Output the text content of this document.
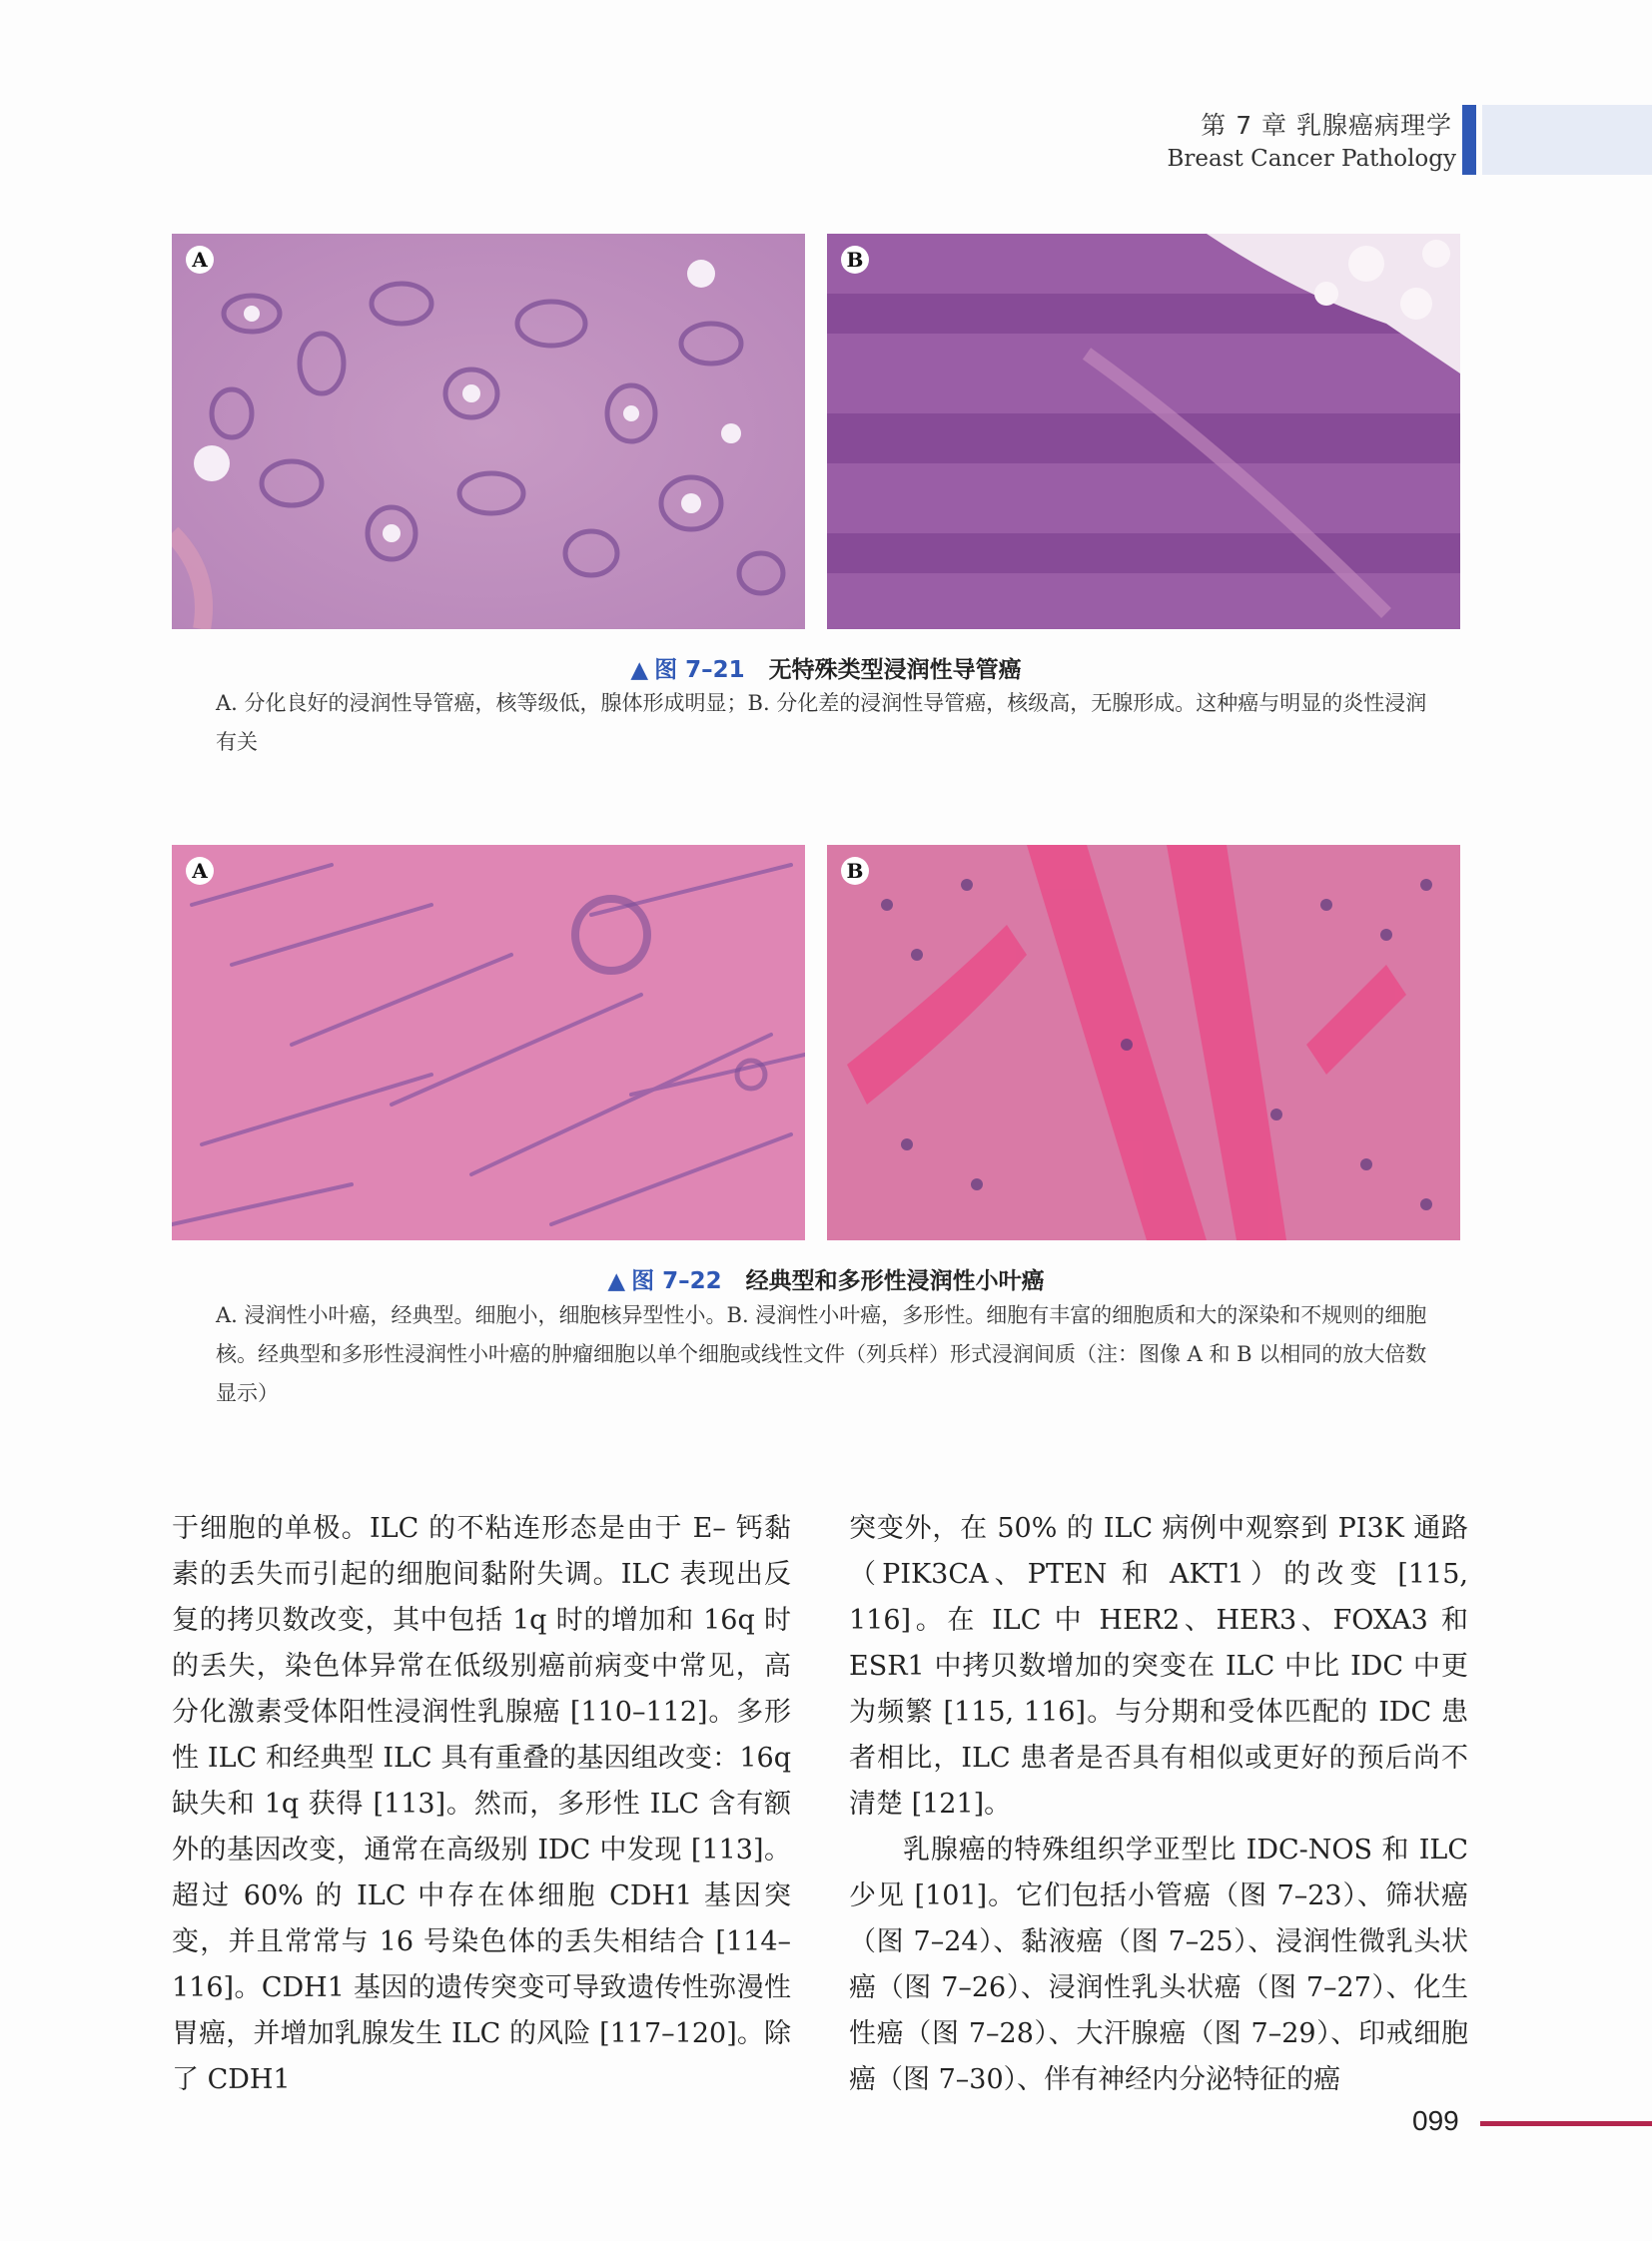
第 7 章 乳腺癌病理学
Breast Cancer Pathology
A	B
▲ 图 7–21 无特殊类型浸润性导管癌
A. 分化良好的浸润性导管癌，核等级低，腺体形成明显；B. 分化差的浸润性导管癌，核级高，无腺形成。这种癌与明显的炎性浸润有关
A	B
▲ 图 7–22 经典型和多形性浸润性小叶癌
A. 浸润性小叶癌，经典型。细胞小，细胞核异型性小。B. 浸润性小叶癌，多形性。细胞有丰富的细胞质和大的深染和不规则的细胞核。经典型和多形性浸润性小叶癌的肿瘤细胞以单个细胞或线性文件（列兵样）形式浸润间质（注：图像 A 和 B 以相同的放大倍数显示）

于细胞的单极。ILC 的不粘连形态是由于 E– 钙黏素的丢失而引起的细胞间黏附失调。ILC 表现出反复的拷贝数改变，其中包括 1q 时的增加和 16q 时的丢失，染色体异常在低级别癌前病变中常见，高分化激素受体阳性浸润性乳腺癌 [110–112]。多形性 ILC 和经典型 ILC 具有重叠的基因组改变：16q 缺失和 1q 获得 [113]。然而，多形性 ILC 含有额外的基因改变，通常在高级别 IDC 中发现 [113]。超过 60% 的 ILC 中存在体细胞 CDH1 基因突变，并且常常与 16 号染色体的丢失相结合 [114–116]。CDH1 基因的遗传突变可导致遗传性弥漫性胃癌，并增加乳腺发生 ILC 的风险 [117–120]。除了 CDH1

突变外，在 50% 的 ILC 病例中观察到 PI3K 通路（PIK3CA、PTEN 和 AKT1）的改变 [115, 116]。在 ILC 中 HER2、HER3、FOXA3 和 ESR1 中拷贝数增加的突变在 ILC 中比 IDC 中更为频繁 [115, 116]。与分期和受体匹配的 IDC 患者相比，ILC 患者是否具有相似或更好的预后尚不清楚 [121]。

乳腺癌的特殊组织学亚型比 IDC-NOS 和 ILC 少见 [101]。它们包括小管癌（图 7–23）、筛状癌（图 7–24）、黏液癌（图 7–25）、浸润性微乳头状癌（图 7–26）、浸润性乳头状癌（图 7–27）、化生性癌（图 7–28）、大汗腺癌（图 7–29）、印戒细胞癌（图 7–30）、伴有神经内分泌特征的癌

099
